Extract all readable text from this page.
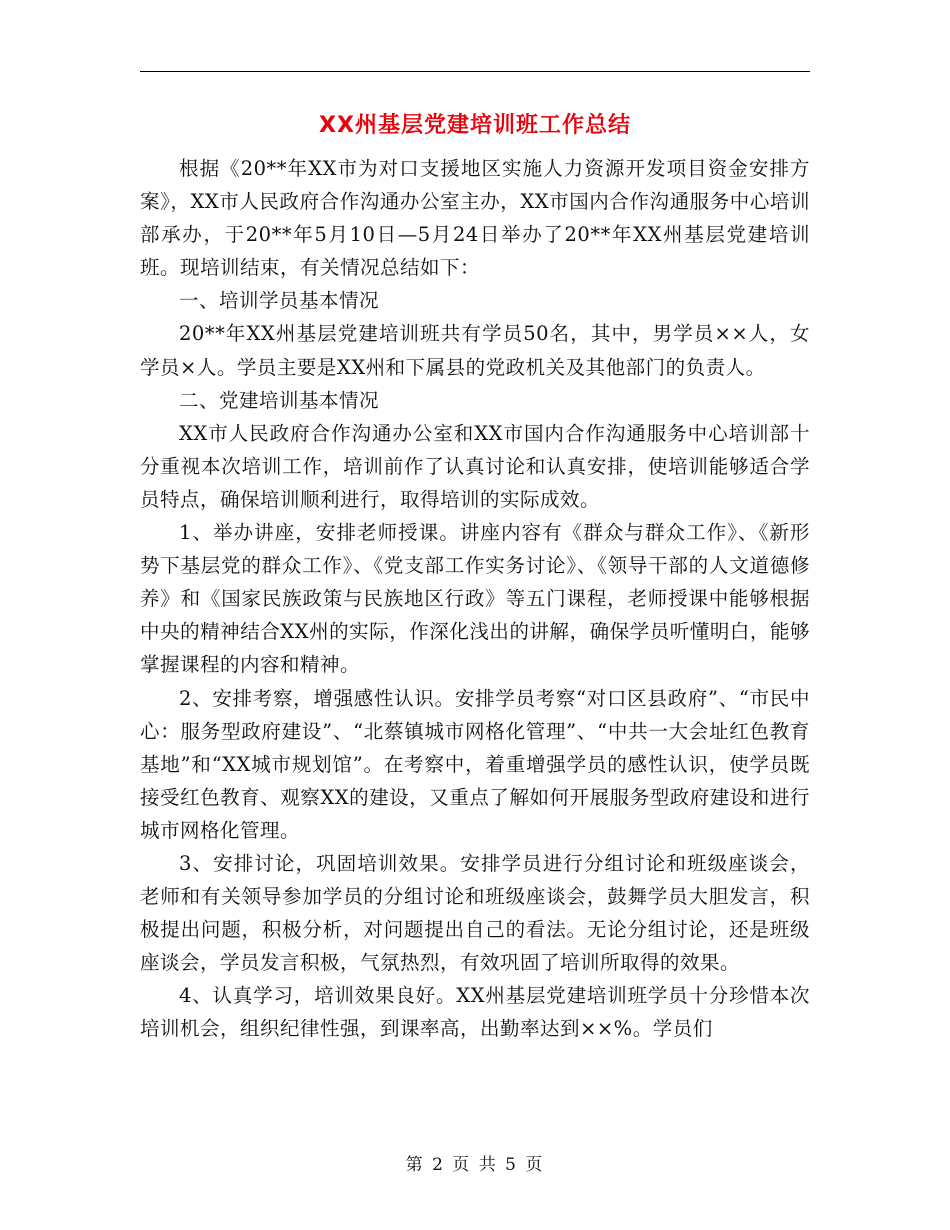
XX州基层党建培训班工作总结

根据《20**年XX市为对口支援地区实施人力资源开发项目资金安排方案》，XX市人民政府合作沟通办公室主办，XX市国内合作沟通服务中心培训部承办，于20**年5月10日—5月24日举办了20**年XX州基层党建培训班。现培训结束，有关情况总结如下：

一、培训学员基本情况

20**年XX州基层党建培训班共有学员50名，其中，男学员××人，女学员×人。学员主要是XX州和下属县的党政机关及其他部门的负责人。

二、党建培训基本情况

XX市人民政府合作沟通办公室和XX市国内合作沟通服务中心培训部十分重视本次培训工作，培训前作了认真讨论和认真安排，使培训能够适合学员特点，确保培训顺利进行，取得培训的实际成效。

1、举办讲座，安排老师授课。讲座内容有《群众与群众工作》、《新形势下基层党的群众工作》、《党支部工作实务讨论》、《领导干部的人文道德修养》和《国家民族政策与民族地区行政》等五门课程，老师授课中能够根据中央的精神结合XX州的实际，作深化浅出的讲解，确保学员听懂明白，能够掌握课程的内容和精神。

2、安排考察，增强感性认识。安排学员考察“对口区县政府”、“市民中心：服务型政府建设”、“北蔡镇城市网格化管理”、“中共一大会址红色教育基地”和“XX城市规划馆”。在考察中，着重增强学员的感性认识，使学员既接受红色教育、观察XX的建设，又重点了解如何开展服务型政府建设和进行城市网格化管理。

3、安排讨论，巩固培训效果。安排学员进行分组讨论和班级座谈会，老师和有关领导参加学员的分组讨论和班级座谈会，鼓舞学员大胆发言，积极提出问题，积极分析，对问题提出自己的看法。无论分组讨论，还是班级座谈会，学员发言积极，气氛热烈，有效巩固了培训所取得的效果。

4、认真学习，培训效果良好。XX州基层党建培训班学员十分珍惜本次培训机会，组织纪律性强，到课率高，出勤率达到××%。学员们

第 2 页 共 5 页
